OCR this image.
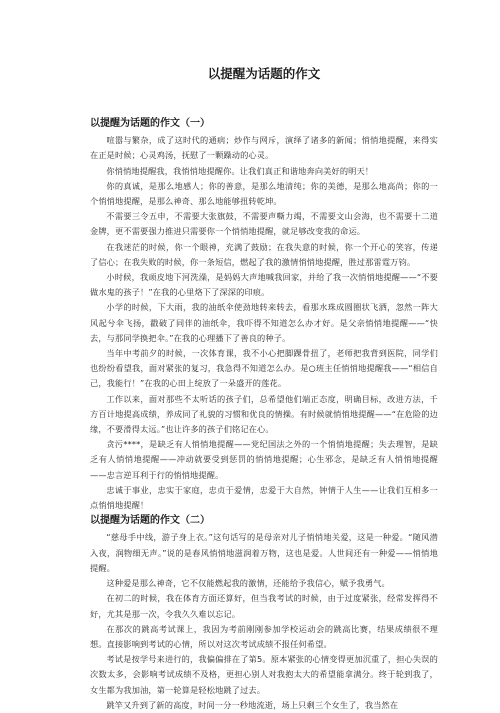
以提醒为话题的作文
以提醒为话题的作文（一）

喧嚣与繁杂，成了这时代的通病；炒作与网斥，演绎了诸多的新闻；悄悄地提醒，来得实在正是时候；心灵鸡汤，抚慰了一颗躁动的心灵。

你悄悄地提醒我，我悄悄地提醒你。让我们真正和谐地奔向美好的明天！

你的真诚，是那么地感人；你的善意，是那么地清纯；你的美德，是那么地高尚；你的一个悄悄地提醒，是那么神奇、那么地能够扭转乾坤。

不需要三令五申，不需要大张旗鼓，不需要声嘶力竭，不需要文山会海，也不需要十二道金牌，更不需要强力推进只需要你一个悄悄地提醒，就足够改变我的命运。

在我迷茫的时候，你一个眼神，充满了鼓励；在我失意的时候，你一个开心的笑容，传递了信心；在我失败的时候，你一条短信，燃起了我的激情悄悄地提醒，胜过那雷霆万钧。

小时候，我顽皮地下河洗澡，是妈妈大声地喊我回家，并给了我一次悄悄地提醒——“不要做水鬼的孩子！”在我的心里烙下了深深的印痕。

小学的时候，下大雨，我的油纸伞使劲地转来转去，看那水珠成圆圈状飞洒，忽然一阵大风起兮伞飞扬，戳破了同伴的油纸伞，我吓得不知道怎么办才好。是父亲悄悄地提醒——“快去，与那同学换把伞。”在我的心理播下了善良的种子。

当年中考前夕的时候，一次体育课，我不小心把脚踝骨扭了，老师把我背到医院，同学们也纷纷看望我，面对紧张的复习，我急得不知道怎么办。是○班主任悄悄地提醒我——“相信自己，我能行！”在我的心田上绽放了一朵盛开的莲花。

工作以来，面对那些不太听话的孩子们，总希望他们端正态度，明确目标，改进方法，千方百计地提高成绩，养成同了礼貌的习惯和优良的情操。有时候就悄悄地提醒——“在危险的边缘，不要滑得太远。”也让许多的孩子们铭记在心。

贪污****，是缺乏有人悄悄地提醒——党纪国法之外的一个悄悄地提醒；失去理智，是缺乏有人悄悄地提醒——冲动就要受到惩罚的悄悄地提醒；心生邪念，是缺乏有人悄悄地提醒——忠言逆耳利于行的悄悄地提醒。

忠诚于事业，忠实于家庭，忠贞于爱情，忠爱于大自然，钟情于人生——让我们互相多一点悄悄地提醒！

以提醒为话题的作文（二）

“慈母手中线，游子身上衣。”这句话写的是母亲对儿子悄悄地关爱，这是一种爱。“随风潜入夜，润物细无声。”说的是春风悄悄地滋润着万物，这也是爱。人世间还有一种爱——悄悄地提醒。

这种爱是那么神奇，它不仅能燃起我的激情，还能给予我信心，赋予我勇气。

在初二的时候，我在体育方面还算好，但当我考试的时候，由于过度紧张，经常发挥得不好，尤其是那一次，令我久久难以忘记。

在那次的跳高考试课上，我因为考前刚刚参加学校运动会的跳高比赛，结果成绩很不理想。直接影响到考试的心情，所以对这次考试成绩不报任何希望。

考试是按学号来进行的，我偏偏排在了第5。原本紧张的心情变得更加沉重了，担心失误的次数太多，会影响考试成绩不及格，更担心别人对我抱太大的希望能拿满分。终于轮到我了，女生都为我加油，第一轮算是轻松地跳了过去。

跳竿又升到了新的高度，时间一分一秒地流逝，场上只剩三个女生了，我当然在
